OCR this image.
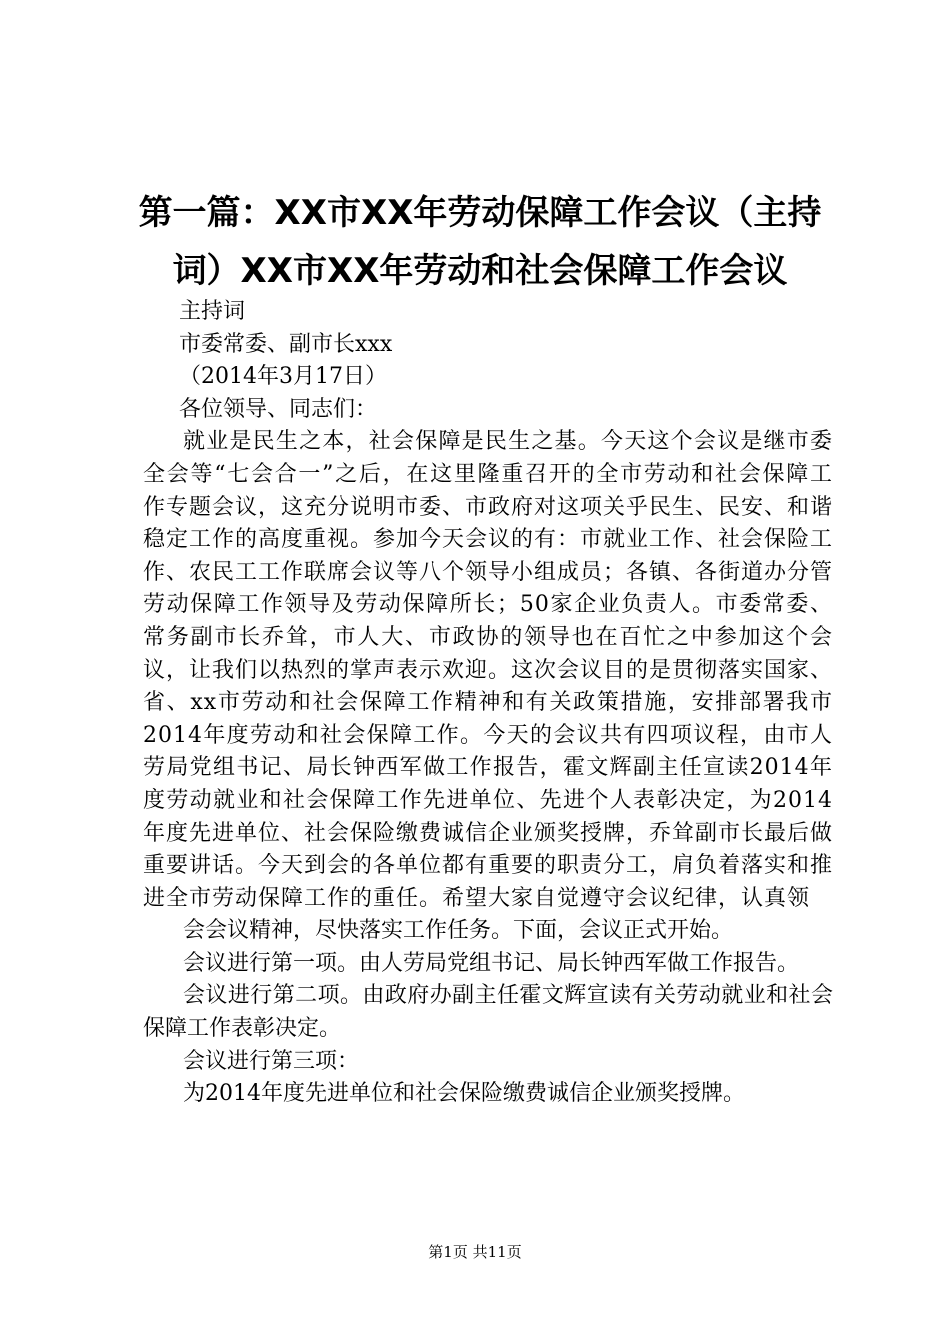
第一篇：XX市XX年劳动保障工作会议（主持
词）XX市XX年劳动和社会保障工作会议
主持词
市委常委、副市长xxx
（2014年3月17日）
各位领导、同志们：

就业是民生之本，社会保障是民生之基。今天这个会议是继市委全会等“七会合一”之后，在这里隆重召开的全市劳动和社会保障工作专题会议，这充分说明市委、市政府对这项关乎民生、民安、和谐稳定工作的高度重视。参加今天会议的有：市就业工作、社会保险工作、农民工工作联席会议等八个领导小组成员；各镇、各街道办分管劳动保障工作领导及劳动保障所长；50家企业负责人。市委常委、常务副市长乔耸，市人大、市政协的领导也在百忙之中参加这个会议，让我们以热烈的掌声表示欢迎。这次会议目的是贯彻落实国家、省、xx市劳动和社会保障工作精神和有关政策措施，安排部署我市2014年度劳动和社会保障工作。今天的会议共有四项议程，由市人劳局党组书记、局长钟西军做工作报告，霍文辉副主任宣读2014年度劳动就业和社会保障工作先进单位、先进个人表彰决定，为2014年度先进单位、社会保险缴费诚信企业颁奖授牌，乔耸副市长最后做重要讲话。今天到会的各单位都有重要的职责分工，肩负着落实和推进全市劳动保障工作的重任。希望大家自觉遵守会议纪律，认真领

会会议精神，尽快落实工作任务。下面，会议正式开始。

会议进行第一项。由人劳局党组书记、局长钟西军做工作报告。

会议进行第二项。由政府办副主任霍文辉宣读有关劳动就业和社会保障工作表彰决定。

会议进行第三项：

为2014年度先进单位和社会保险缴费诚信企业颁奖授牌。

第1页 共11页
